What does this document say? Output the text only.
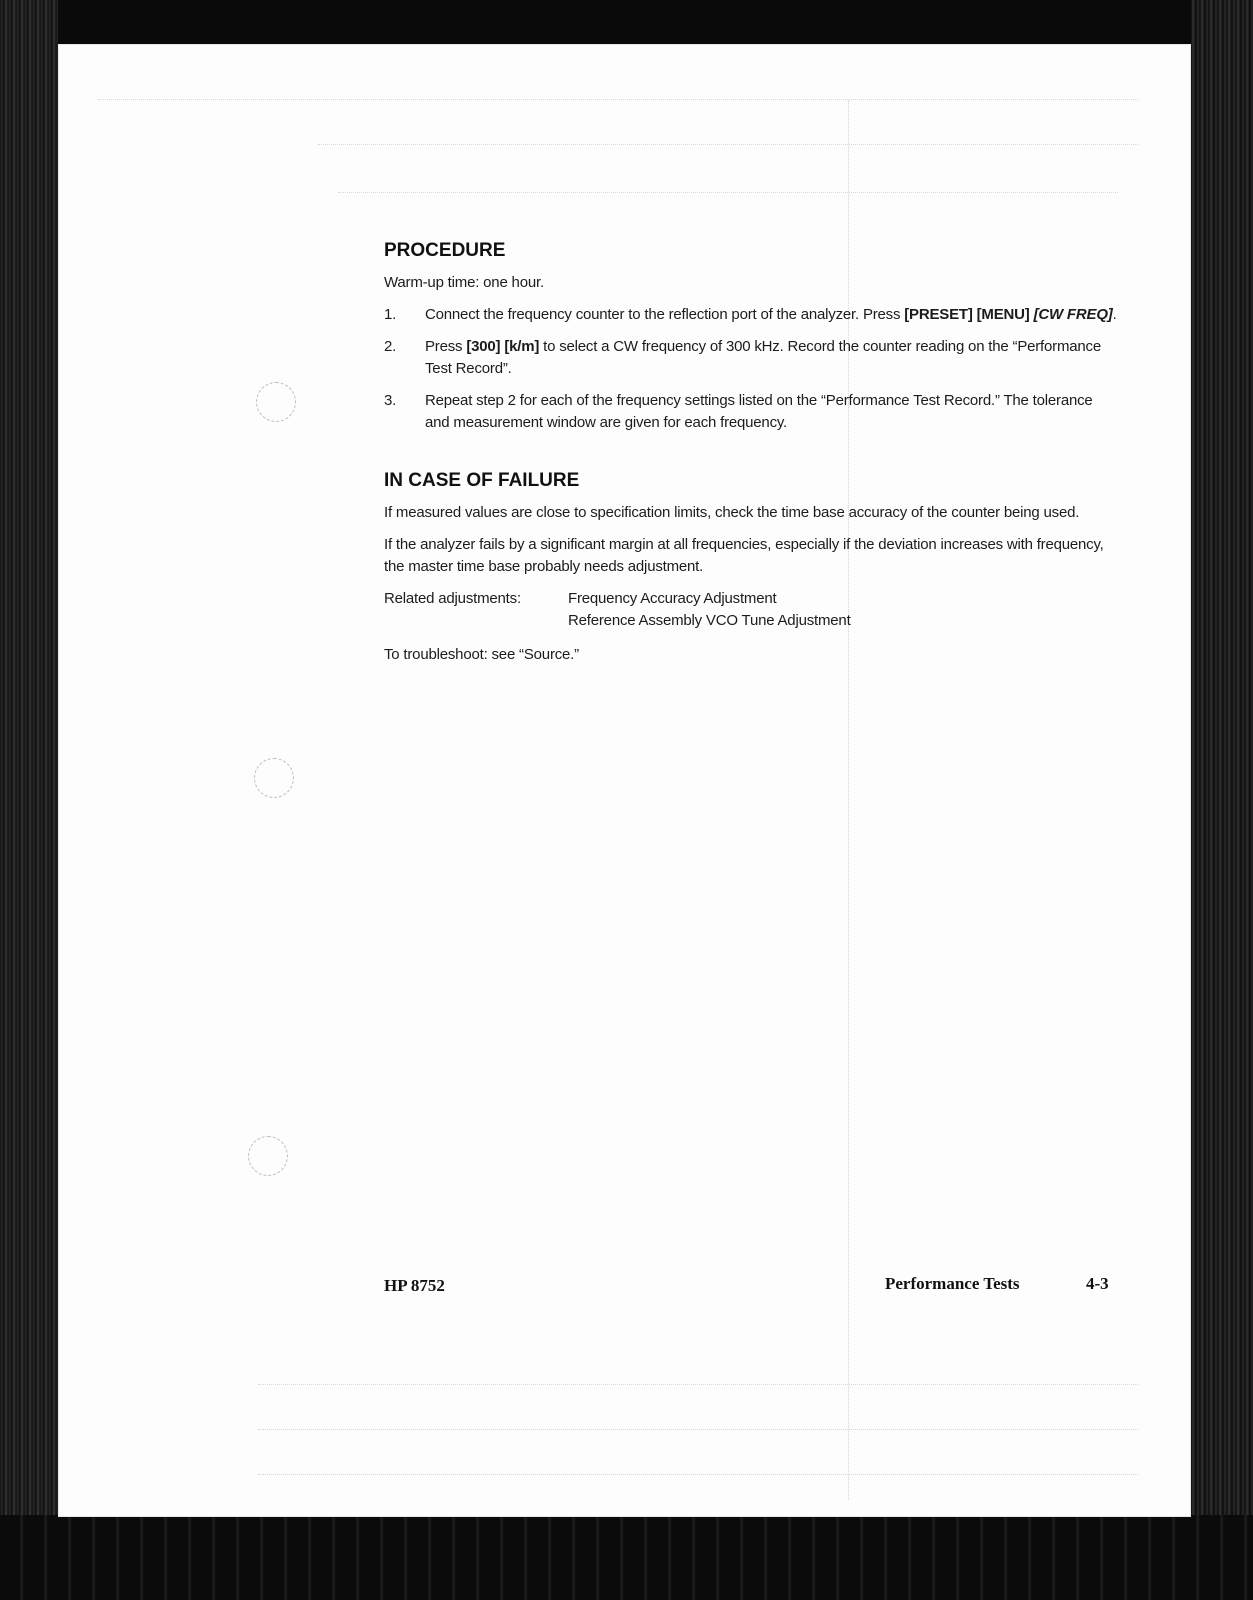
PROCEDURE

Warm-up time: one hour.

1. Connect the frequency counter to the reflection port of the analyzer. Press [PRESET] [MENU] [CW FREQ].
2. Press [300] [k/m] to select a CW frequency of 300 kHz. Record the counter reading on the “Performance Test Record”.
3. Repeat step 2 for each of the frequency settings listed on the “Performance Test Record.” The tolerance and measurement window are given for each frequency.
IN CASE OF FAILURE

If measured values are close to specification limits, check the time base accuracy of the counter being used.

If the analyzer fails by a significant margin at all frequencies, especially if the deviation increases with frequency, the master time base probably needs adjustment.

Related adjustments:	Frequency Accuracy Adjustment
Reference Assembly VCO Tune Adjustment

To troubleshoot: see “Source.”

HP 8752	Performance Tests	4-3
